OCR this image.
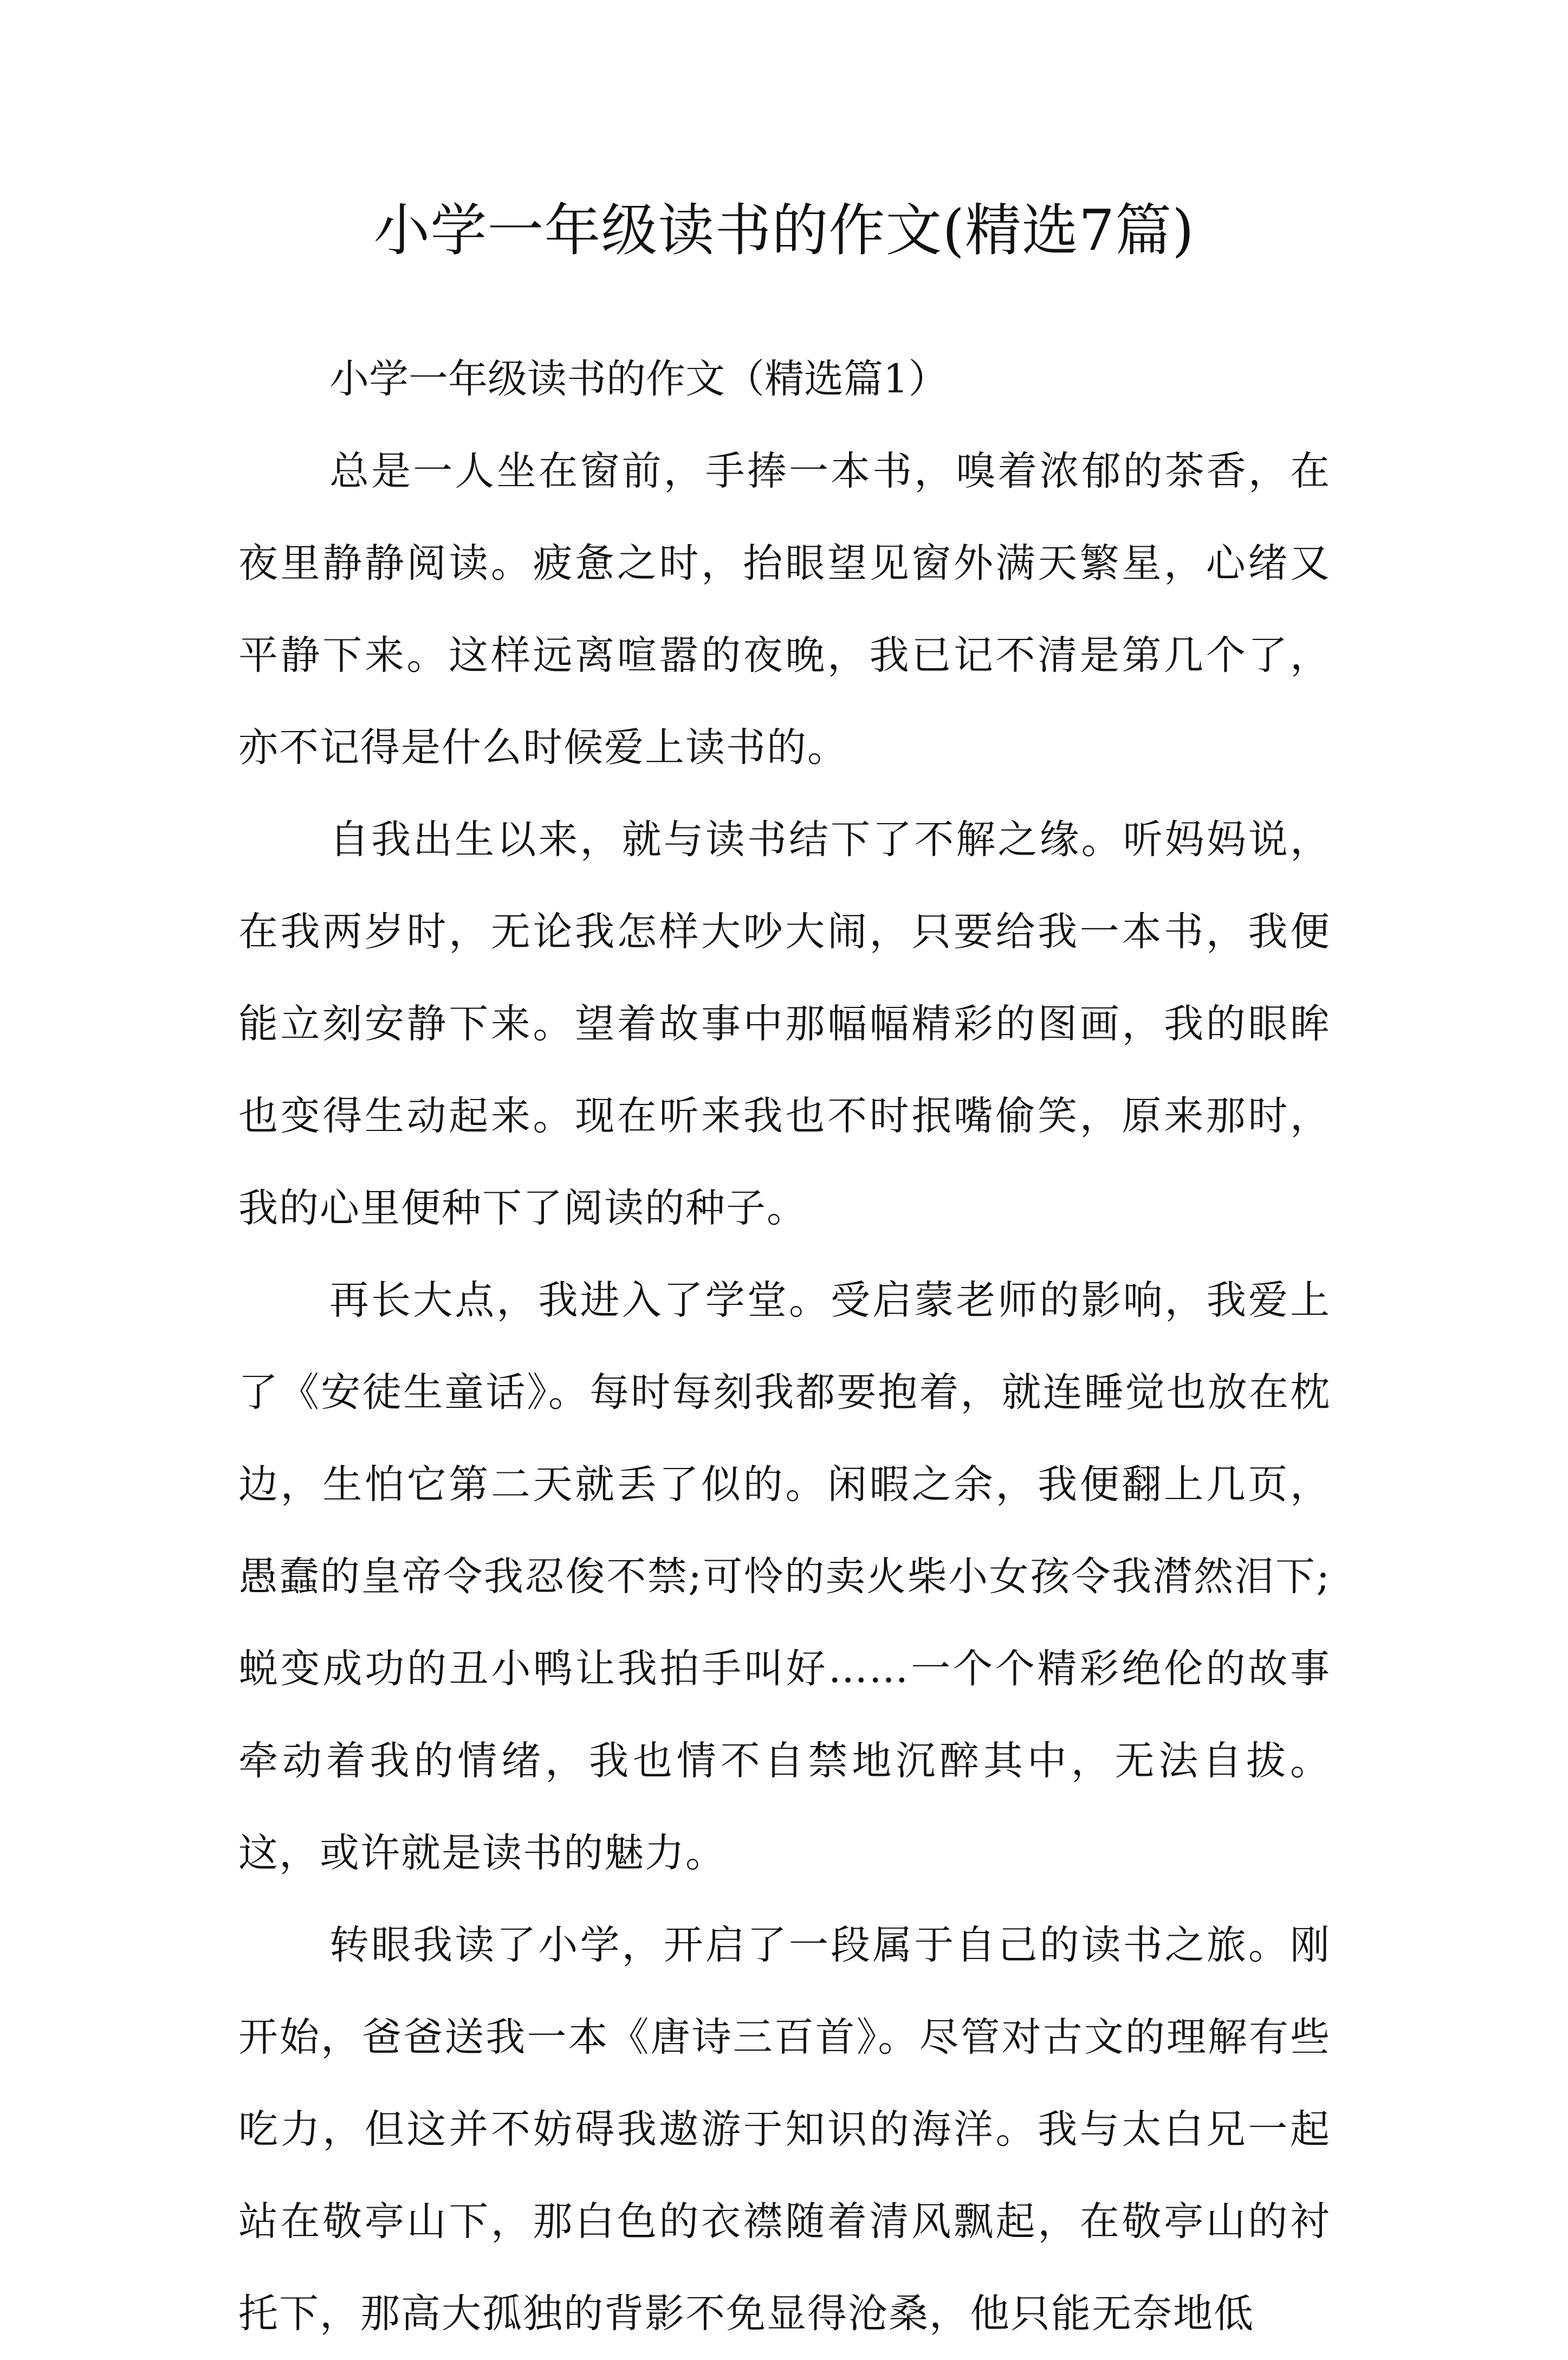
小学一年级读书的作文(精选7篇)

小学一年级读书的作文（精选篇1）

总是一人坐在窗前，手捧一本书，嗅着浓郁的茶香，在夜里静静阅读。疲惫之时，抬眼望见窗外满天繁星，心绪又平静下来。这样远离喧嚣的夜晚，我已记不清是第几个了，亦不记得是什么时候爱上读书的。

自我出生以来，就与读书结下了不解之缘。听妈妈说，在我两岁时，无论我怎样大吵大闹，只要给我一本书，我便能立刻安静下来。望着故事中那幅幅精彩的图画，我的眼眸也变得生动起来。现在听来我也不时抿嘴偷笑，原来那时，我的心里便种下了阅读的种子。

再长大点，我进入了学堂。受启蒙老师的影响，我爱上了《安徒生童话》。每时每刻我都要抱着，就连睡觉也放在枕边，生怕它第二天就丢了似的。闲暇之余，我便翻上几页，愚蠢的皇帝令我忍俊不禁;可怜的卖火柴小女孩令我潸然泪下;蜕变成功的丑小鸭让我拍手叫好……一个个精彩绝伦的故事牵动着我的情绪，我也情不自禁地沉醉其中，无法自拔。这，或许就是读书的魅力。

转眼我读了小学，开启了一段属于自己的读书之旅。刚开始，爸爸送我一本《唐诗三百首》。尽管对古文的理解有些吃力，但这并不妨碍我遨游于知识的海洋。我与太白兄一起站在敬亭山下，那白色的衣襟随着清风飘起，在敬亭山的衬托下，那高大孤独的背影不免显得沧桑，他只能无奈地低
